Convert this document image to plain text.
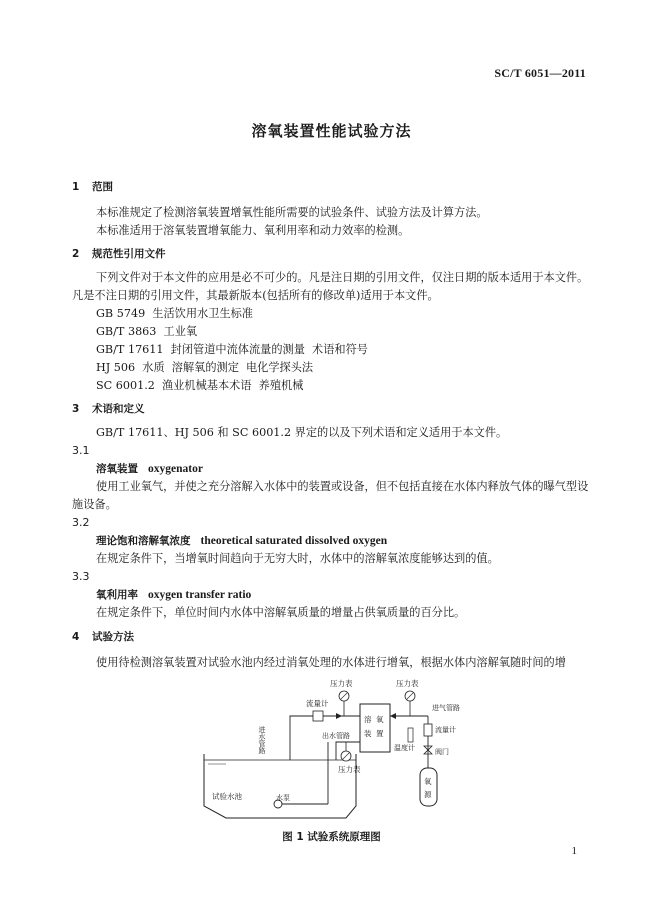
SC/T 6051—2011
溶氧装置性能试验方法
1 范围
本标准规定了检测溶氧装置增氧性能所需要的试验条件、试验方法及计算方法。
本标准适用于溶氧装置增氧能力、氧利用率和动力效率的检测。
2 规范性引用文件
下列文件对于本文件的应用是必不可少的。凡是注日期的引用文件，仅注日期的版本适用于本文件。凡是不注日期的引用文件，其最新版本(包括所有的修改单)适用于本文件。
GB 5749  生活饮用水卫生标准
GB/T 3863  工业氧
GB/T 17611  封闭管道中流体流量的测量  术语和符号
HJ 506  水质  溶解氧的测定  电化学探头法
SC 6001.2  渔业机械基本术语  养殖机械
3 术语和定义
GB/T 17611、HJ 506 和 SC 6001.2 界定的以及下列术语和定义适用于本文件。
3.1
溶氧装置 oxygenator
使用工业氧气，并使之充分溶解入水体中的装置或设备，但不包括直接在水体内释放气体的曝气型设施设备。
3.2
理论饱和溶解氧浓度 theoretical saturated dissolved oxygen
在规定条件下，当增氧时间趋向于无穷大时，水体中的溶解氧浓度能够达到的值。
3.3
氧利用率 oxygen transfer ratio
在规定条件下，单位时间内水体中溶解氧质量的增量占供氧质量的百分比。
4 试验方法
使用待检测溶氧装置对试验水池内经过消氧处理的水体进行增氧，根据水体内溶解氧随时间的增
试验水池	水泵
进水管路
流量计
压力表
溶 氧
装 置
出水管路
压力表
压力表
进气管路
流量计
温度计	阀门
氧
源
图 1 试验系统原理图
1
